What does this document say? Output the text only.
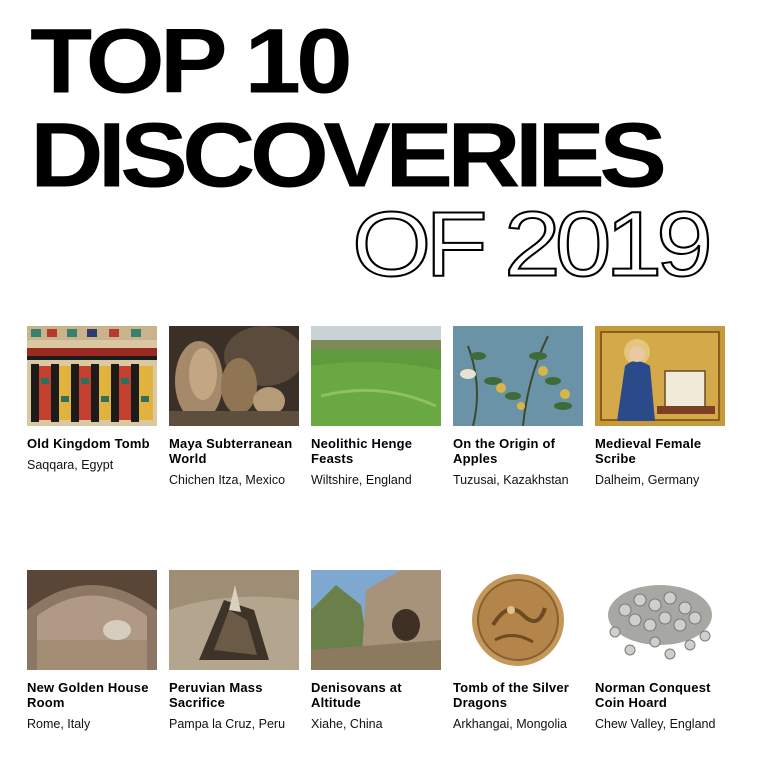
TOP 10
DISCOVERIES
OF 2019
Old Kingdom Tomb
Saqqara, Egypt
Maya Subterranean World
Chichen Itza, Mexico
Neolithic Henge Feasts
Wiltshire, England
On the Origin of Apples
Tuzusai, Kazakhstan
Medieval Female Scribe
Dalheim, Germany
New Golden House Room
Rome, Italy
Peruvian Mass Sacrifice
Pampa la Cruz, Peru
Denisovans at Altitude
Xiahe, China
Tomb of the Silver Dragons
Arkhangai, Mongolia
Norman Conquest Coin Hoard
Chew Valley, England
